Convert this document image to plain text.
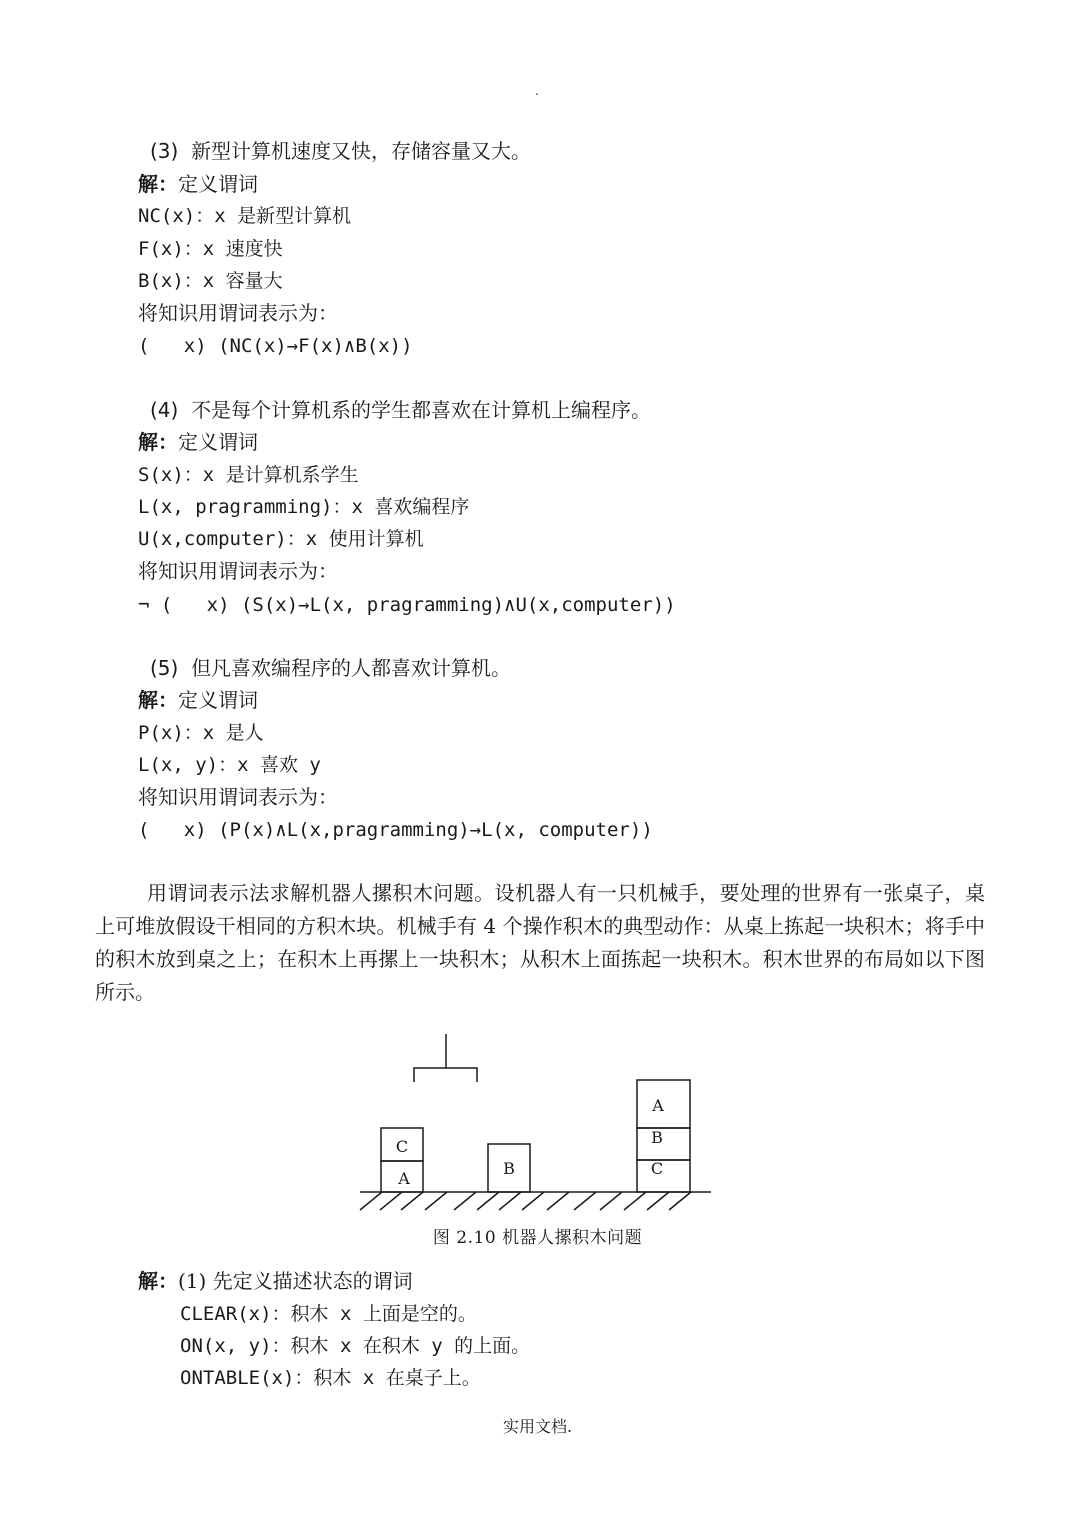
.
(3) 新型计算机速度又快，存储容量又大。
解：定义谓词
NC(x)：x 是新型计算机
F(x)：x 速度快
B(x)：x 容量大
将知识用谓词表示为：
(   x) (NC(x)→F(x)∧B(x))
(4) 不是每个计算机系的学生都喜欢在计算机上编程序。
解：定义谓词
S(x)：x 是计算机系学生
L(x, pragramming)：x 喜欢编程序
U(x,computer)：x 使用计算机
将知识用谓词表示为：
¬ (   x) (S(x)→L(x, pragramming)∧U(x,computer))
(5) 但凡喜欢编程序的人都喜欢计算机。
解：定义谓词
P(x)：x 是人
L(x, y)：x 喜欢 y
将知识用谓词表示为：
(   x) (P(x)∧L(x,pragramming)→L(x, computer))
用谓词表示法求解机器人摞积木问题。设机器人有一只机械手，要处理的世界有一张桌子，桌上可堆放假设干相同的方积木块。机械手有 4 个操作积木的典型动作：从桌上拣起一块积木；将手中的积木放到桌之上；在积木上再摞上一块积木；从积木上面拣起一块积木。积木世界的布局如以下图所示。
C
A
B
A
B
C
图 2.10 机器人摞积木问题
解：(1) 先定义描述状态的谓词
CLEAR(x)：积木 x 上面是空的。
ON(x, y)：积木 x 在积木 y 的上面。
ONTABLE(x)：积木 x 在桌子上。
实用文档.
